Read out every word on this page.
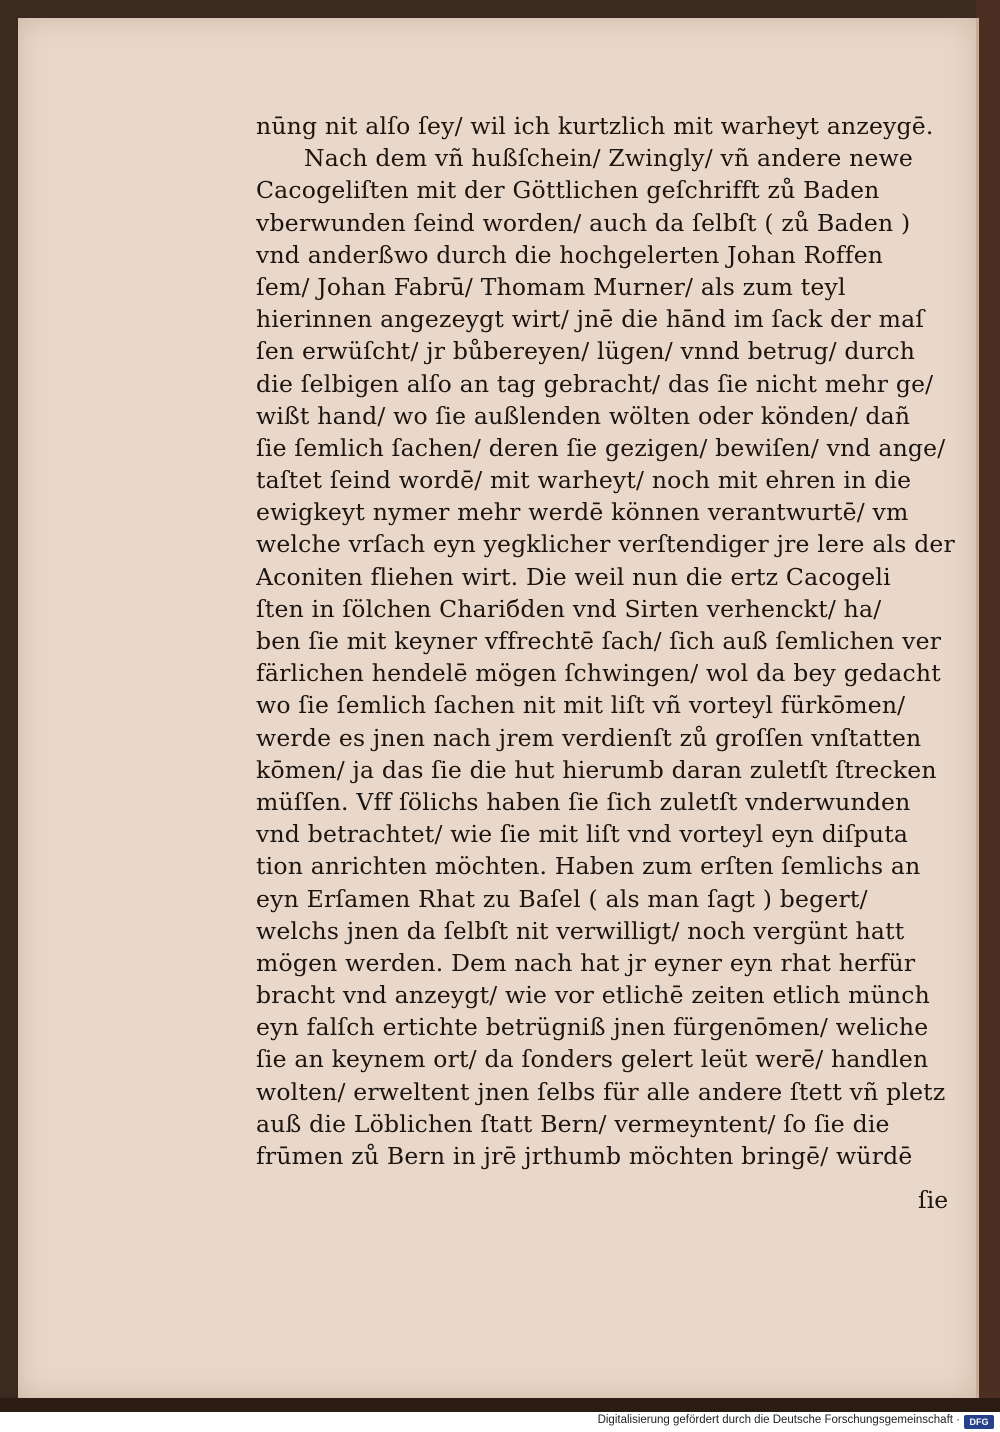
nūng nit alſo ſey/ wil ich kurtzlich mit warheyt anzeygē.
Nach dem vñ hußſchein/ Zwingly/ vñ andere newe
Cacogeliſten mit der Göttlichen geſchrifft zů Baden
vberwunden ſeind worden/ auch da ſelbſt ( zů Baden )
vnd anderßwo durch die hochgelerten Johan Roffen
ſem/ Johan Fabrū/ Thomam Murner/ als zum teyl
hierinnen angezeygt wirt/ jnē die hānd im ſack der maſ
ſen erwüſcht/ jr bůbereyen/ lügen/ vnnd betrug/ durch
die ſelbigen alſo an tag gebracht/ das ſie nicht mehr ge/
wißt hand/ wo ſie außlenden wölten oder könden/ dañ
ſie ſemlich ſachen/ deren ſie gezigen/ bewiſen/ vnd ange/
taſtet ſeind wordē/ mit warheyt/ noch mit ehren in die
ewigkeyt nymer mehr werdē können verantwurtē/ vm
welche vrſach eyn yegklicher verſtendiger jre lere als der
Aconiten fliehen wirt. Die weil nun die ertz Cacogeli
ſten in ſölchen Chariбden vnd Sirten verhenckt/ ha/
ben ſie mit keyner vffrechtē ſach/ ſich auß ſemlichen ver
färlichen hendelē mögen ſchwingen/ wol da bey gedacht
wo ſie ſemlich ſachen nit mit liſt vñ vorteyl fürkōmen/
werde es jnen nach jrem verdienſt zů groſſen vnſtatten
kōmen/ ja das ſie die hut hierumb daran zuletſt ſtrecken
müſſen. Vff ſölichs haben ſie ſich zuletſt vnderwunden
vnd betrachtet/ wie ſie mit liſt vnd vorteyl eyn diſputa
tion anrichten möchten. Haben zum erſten ſemlichs an
eyn Erſamen Rhat zu Baſel ( als man ſagt ) begert/
welchs jnen da ſelbſt nit verwilligt/ noch vergünt hatt
mögen werden. Dem nach hat jr eyner eyn rhat herfür
bracht vnd anzeygt/ wie vor etlichē zeiten etlich münch
eyn falſch ertichte betrügniß jnen fürgenōmen/ weliche
ſie an keynem ort/ da ſonders gelert leüt werē/ handlen
wolten/ erweltent jnen ſelbs für alle andere ſtett vñ pletz
auß die Löblichen ſtatt Bern/ vermeyntent/ ſo ſie die
frūmen zů Bern in jrē jrthumb möchten bringē/ würdē
ſie
Digitalisierung gefördert durch die Deutsche Forschungsgemeinschaft ·	DFG
